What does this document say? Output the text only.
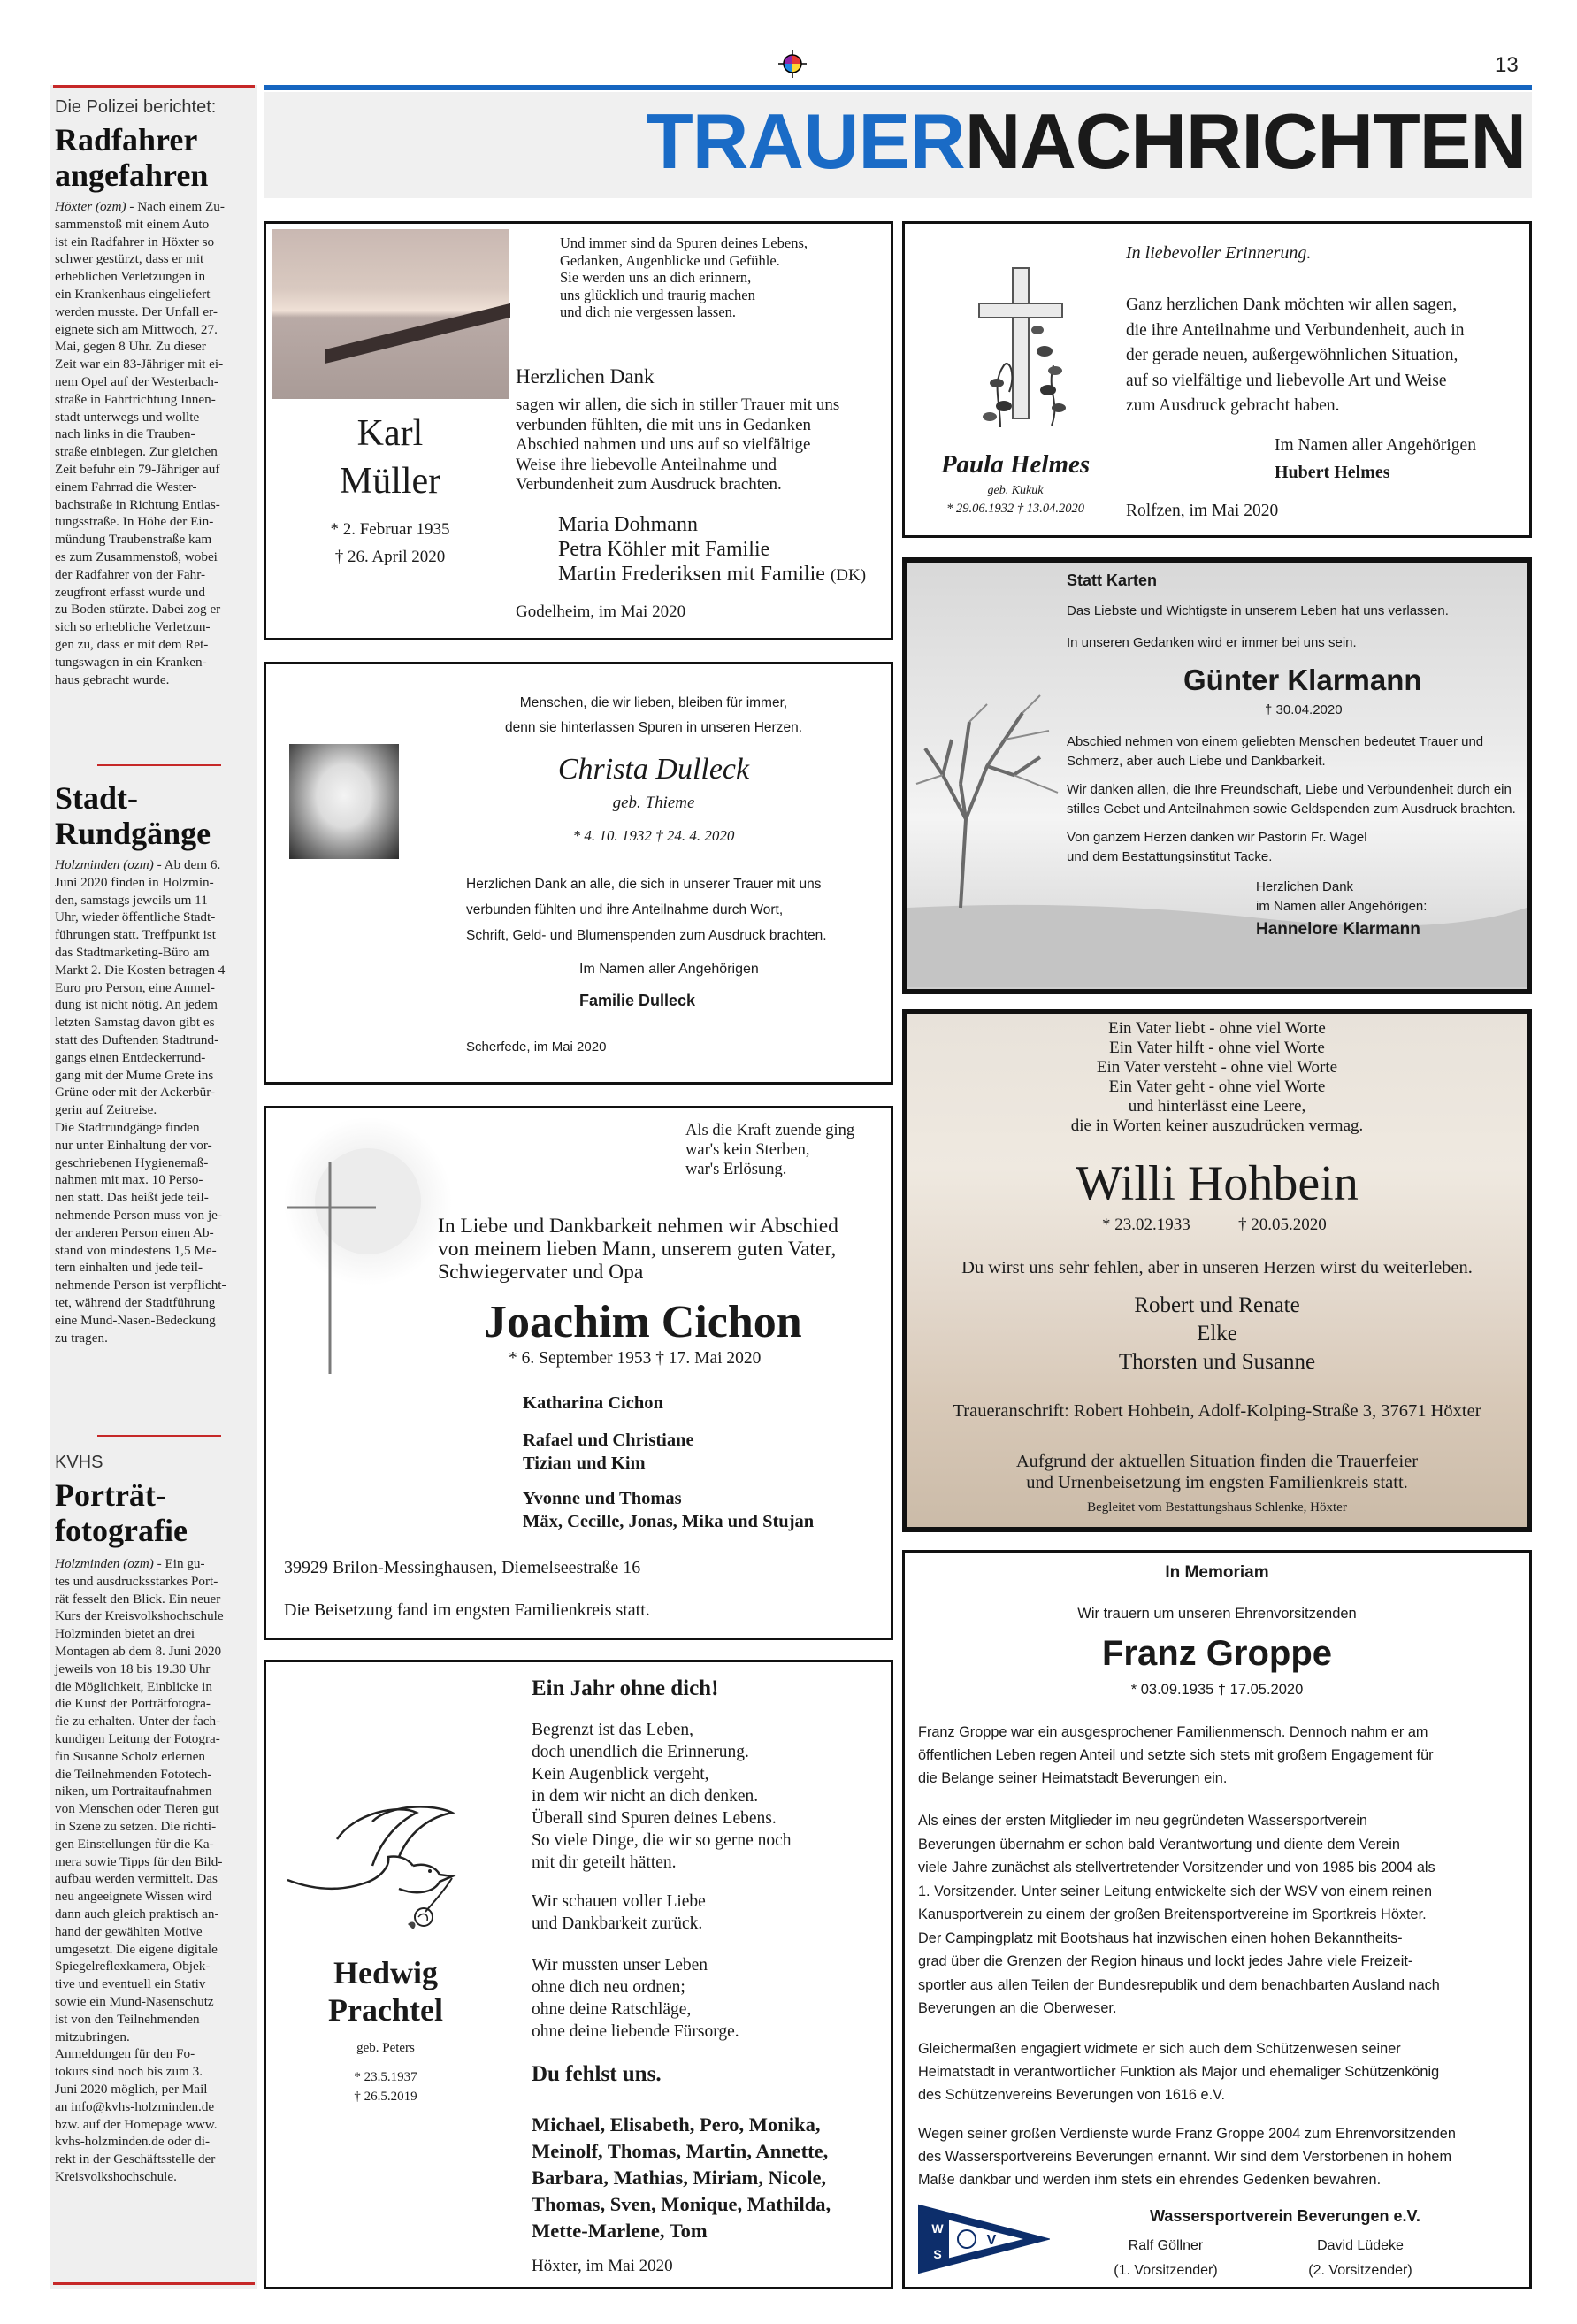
13
TRAUERNACHRICHTEN
Die Polizei berichtet:
Radfahrer
angefahren
Höxter (ozm) - Nach einem Zu-
sammenstoß mit einem Auto
ist ein Radfahrer in Höxter so
schwer gestürzt, dass er mit
erheblichen Verletzungen in
ein Krankenhaus eingeliefert
werden musste. Der Unfall er-
eignete sich am Mittwoch, 27.
Mai, gegen 8 Uhr. Zu dieser
Zeit war ein 83-Jähriger mit ei-
nem Opel auf der Westerbach-
straße in Fahrtrichtung Innen-
stadt unterwegs und wollte
nach links in die Trauben-
straße einbiegen. Zur gleichen
Zeit befuhr ein 79-Jähriger auf
einem Fahrrad die Wester-
bachstraße in Richtung Entlas-
tungsstraße. In Höhe der Ein-
mündung Traubenstraße kam
es zum Zusammenstoß, wobei
der Radfahrer von der Fahr-
zeugfront erfasst wurde und
zu Boden stürzte. Dabei zog er
sich so erhebliche Verletzun-
gen zu, dass er mit dem Ret-
tungswagen in ein Kranken-
haus gebracht wurde.
Stadt-
Rundgänge
Holzminden (ozm) - Ab dem 6.
Juni 2020 finden in Holzmin-
den, samstags jeweils um 11
Uhr, wieder öffentliche Stadt-
führungen statt. Treffpunkt ist
das Stadtmarketing-Büro am
Markt 2. Die Kosten betragen 4
Euro pro Person, eine Anmel-
dung ist nicht nötig. An jedem
letzten Samstag davon gibt es
statt des Duftenden Stadtrund-
gangs einen Entdeckerrund-
gang mit der Mume Grete ins
Grüne oder mit der Ackerbür-
gerin auf Zeitreise.
Die Stadtrundgänge finden
nur unter Einhaltung der vor-
geschriebenen Hygienemaß-
nahmen mit max. 10 Perso-
nen statt. Das heißt jede teil-
nehmende Person muss von je-
der anderen Person einen Ab-
stand von mindestens 1,5 Me-
tern einhalten und jede teil-
nehmende Person ist verpflicht-
tet, während der Stadtführung
eine Mund-Nasen-Bedeckung
zu tragen.
KVHS
Porträt-
fotografie
Holzminden (ozm) - Ein gu-
tes und ausdrucksstarkes Port-
rät fesselt den Blick. Ein neuer
Kurs der Kreisvolkshochschule
Holzminden bietet an drei
Montagen ab dem 8. Juni 2020
jeweils von 18 bis 19.30 Uhr
die Möglichkeit, Einblicke in
die Kunst der Porträtfotogra-
fie zu erhalten. Unter der fach-
kundigen Leitung der Fotogra-
fin Susanne Scholz erlernen
die Teilnehmenden Fototech-
niken, um Portraitaufnahmen
von Menschen oder Tieren gut
in Szene zu setzen. Die richti-
gen Einstellungen für die Ka-
mera sowie Tipps für den Bild-
aufbau werden vermittelt. Das
neu angeeignete Wissen wird
dann auch gleich praktisch an-
hand der gewählten Motive
umgesetzt. Die eigene digitale
Spiegelreflexkamera, Objek-
tive und eventuell ein Stativ
sowie ein Mund-Nasenschutz
ist von den Teilnehmenden
mitzubringen.
Anmeldungen für den Fo-
tokurs sind noch bis zum 3.
Juni 2020 möglich, per Mail
an info@kvhs-holzminden.de
bzw. auf der Homepage www.
kvhs-holzminden.de oder di-
rekt in der Geschäftsstelle der
Kreisvolkshochschule.
Und immer sind da Spuren deines Lebens,
Gedanken, Augenblicke und Gefühle.
Sie werden uns an dich erinnern,
uns glücklich und traurig machen
und dich nie vergessen lassen.
Herzlichen Dank
sagen wir allen, die sich in stiller Trauer mit uns
verbunden fühlten, die mit uns in Gedanken
Abschied nahmen und uns auf so vielfältige
Weise ihre liebevolle Anteilnahme und
Verbundenheit zum Ausdruck brachten.
Karl
Müller
* 2. Februar 1935
† 26. April 2020
Maria Dohmann
Petra Köhler mit Familie
Martin Frederiksen mit Familie (DK)
Godelheim, im Mai 2020
Paula Helmes
geb. Kukuk
* 29.06.1932 † 13.04.2020
In liebevoller Erinnerung.
Ganz herzlichen Dank möchten wir allen sagen,
die ihre Anteilnahme und Verbundenheit, auch in
der gerade neuen, außergewöhnlichen Situation,
auf so vielfältige und liebevolle Art und Weise
zum Ausdruck gebracht haben.
Im Namen aller Angehörigen
Hubert Helmes
Rolfzen, im Mai 2020
Statt Karten
Das Liebste und Wichtigste in unserem Leben hat uns verlassen.
In unseren Gedanken wird er immer bei uns sein.
Günter Klarmann
† 30.04.2020
Abschied nehmen von einem geliebten Menschen bedeutet Trauer und
Schmerz, aber auch Liebe und Dankbarkeit.
Wir danken allen, die Ihre Freundschaft, Liebe und Verbundenheit durch ein
stilles Gebet und Anteilnahmen sowie Geldspenden zum Ausdruck brachten.
Von ganzem Herzen danken wir Pastorin Fr. Wagel
und dem Bestattungsinstitut Tacke.
Herzlichen Dank
im Namen aller Angehörigen:
Hannelore Klarmann
Menschen, die wir lieben, bleiben für immer,
denn sie hinterlassen Spuren in unseren Herzen.
Christa Dulleck
geb. Thieme
* 4. 10. 1932 † 24. 4. 2020
Herzlichen Dank an alle, die sich in unserer Trauer mit uns
verbunden fühlten und ihre Anteilnahme durch Wort,
Schrift, Geld- und Blumenspenden zum Ausdruck brachten.
Im Namen aller Angehörigen
Familie Dulleck
Scherfede, im Mai 2020
Ein Vater liebt - ohne viel Worte
Ein Vater hilft - ohne viel Worte
Ein Vater versteht - ohne viel Worte
Ein Vater geht - ohne viel Worte
und hinterlässt eine Leere,
die in Worten keiner auszudrücken vermag.
Willi Hohbein
* 23.02.1933	† 20.05.2020
Du wirst uns sehr fehlen, aber in unseren Herzen wirst du weiterleben.
Robert und Renate
Elke
Thorsten und Susanne
Traueranschrift: Robert Hohbein, Adolf-Kolping-Straße 3, 37671 Höxter
Aufgrund der aktuellen Situation finden die Trauerfeier
und Urnenbeisetzung im engsten Familienkreis statt.
Begleitet vom Bestattungshaus Schlenke, Höxter
Als die Kraft zuende ging
war's kein Sterben,
war's Erlösung.
In Liebe und Dankbarkeit nehmen wir Abschied
von meinem lieben Mann, unserem guten Vater,
Schwiegervater und Opa
Joachim Cichon
* 6. September 1953 † 17. Mai 2020
Katharina Cichon
Rafael und Christiane
Tizian und Kim
Yvonne und Thomas
Mäx, Cecille, Jonas, Mika und Stujan
39929 Brilon-Messinghausen, Diemelseestraße 16
Die Beisetzung fand im engsten Familienkreis statt.
In Memoriam
Wir trauern um unseren Ehrenvorsitzenden
Franz Groppe
* 03.09.1935 † 17.05.2020
Franz Groppe war ein ausgesprochener Familienmensch. Dennoch nahm er am
öffentlichen Leben regen Anteil und setzte sich stets mit großem Engagement für
die Belange seiner Heimatstadt Beverungen ein.
Als eines der ersten Mitglieder im neu gegründeten Wassersportverein
Beverungen übernahm er schon bald Verantwortung und diente dem Verein
viele Jahre zunächst als stellvertretender Vorsitzender und von 1985 bis 2004 als
1. Vorsitzender. Unter seiner Leitung entwickelte sich der WSV von einem reinen
Kanusportverein zu einem der großen Breitensportvereine im Sportkreis Höxter.
Der Campingplatz mit Bootshaus hat inzwischen einen hohen Bekanntheits-
grad über die Grenzen der Region hinaus und lockt jedes Jahre viele Freizeit-
sportler aus allen Teilen der Bundesrepublik und dem benachbarten Ausland nach
Beverungen an die Oberweser.
Gleichermaßen engagiert widmete er sich auch dem Schützenwesen seiner
Heimatstadt in verantwortlicher Funktion als Major und ehemaliger Schützenkönig
des Schützenvereins Beverungen von 1616 e.V.
Wegen seiner großen Verdienste wurde Franz Groppe 2004 zum Ehrenvorsitzenden
des Wassersportvereins Beverungen ernannt. Wir sind dem Verstorbenen in hohem
Maße dankbar und werden ihm stets ein ehrendes Gedenken bewahren.
W
S
V
Wassersportverein Beverungen e.V.
Ralf Göllner
(1. Vorsitzender)
David Lüdeke
(2. Vorsitzender)
Hedwig
Prachtel
geb. Peters
* 23.5.1937
† 26.5.2019
Ein Jahr ohne dich!
Begrenzt ist das Leben,
doch unendlich die Erinnerung.
Kein Augenblick vergeht,
in dem wir nicht an dich denken.
Überall sind Spuren deines Lebens.
So viele Dinge, die wir so gerne noch
mit dir geteilt hätten.
Wir schauen voller Liebe
und Dankbarkeit zurück.
Wir mussten unser Leben
ohne dich neu ordnen;
ohne deine Ratschläge,
ohne deine liebende Fürsorge.
Du fehlst uns.
Michael, Elisabeth, Pero, Monika,
Meinolf, Thomas, Martin, Annette,
Barbara, Mathias, Miriam, Nicole,
Thomas, Sven, Monique, Mathilda,
Mette-Marlene, Tom
Höxter, im Mai 2020
